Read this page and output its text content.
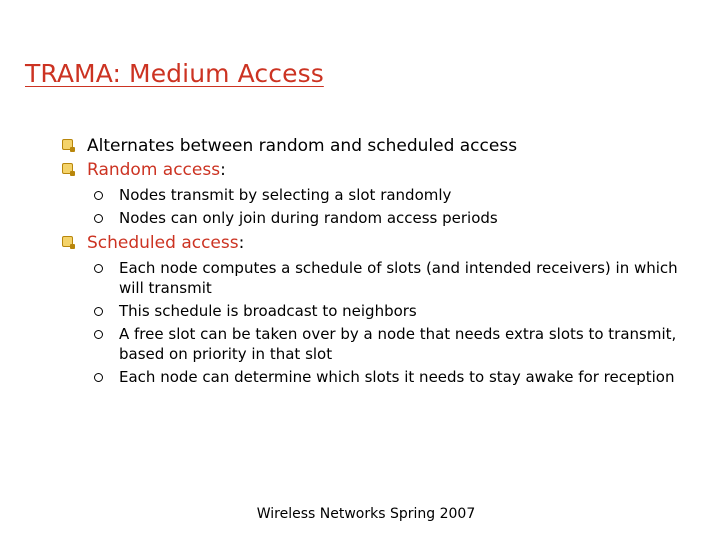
TRAMA: Medium Access
Alternates between random and scheduled access
Random access:
Nodes transmit by selecting a slot randomly
Nodes can only join during random access periods
Scheduled access:
Each node computes a schedule of slots (and intended receivers) in which will transmit
This schedule is broadcast to neighbors
A free slot can be taken over by a node that needs extra slots to transmit, based on priority in that slot
Each node can determine which slots it needs to stay awake for reception
Wireless Networks Spring 2007
